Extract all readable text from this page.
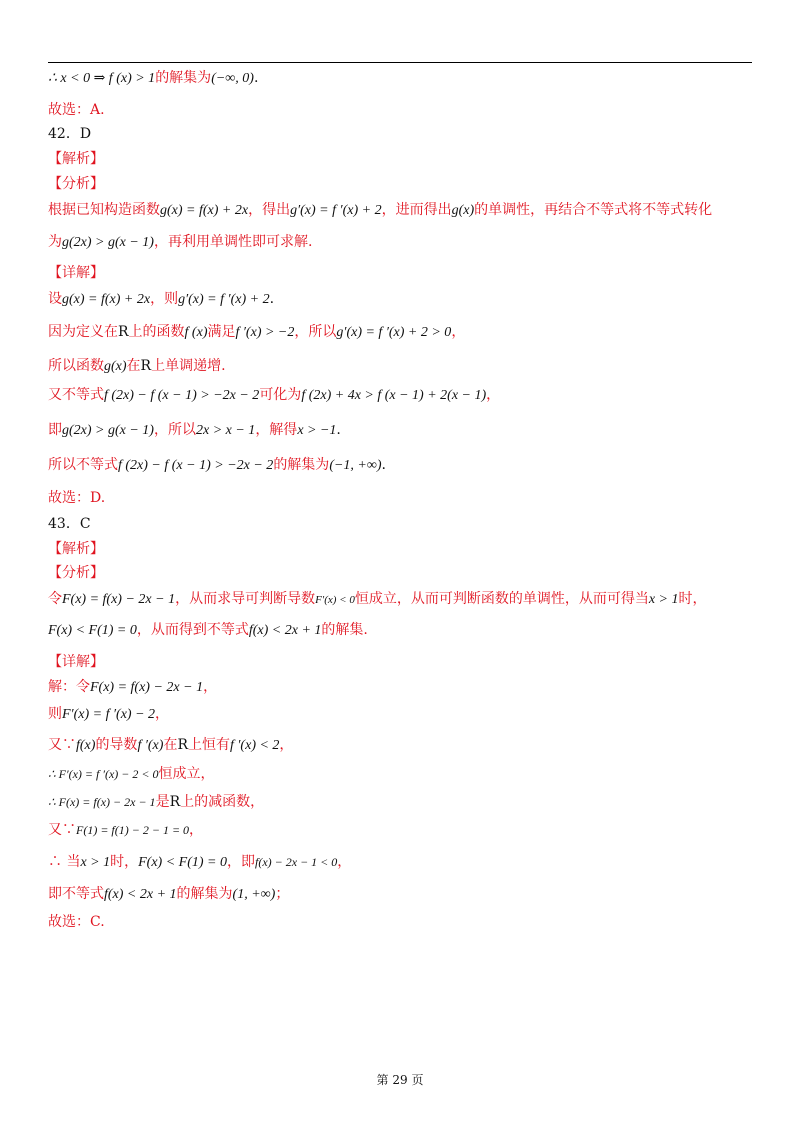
∴ x < 0 ⇒ f (x) > 1的解集为(−∞, 0).
故选：A.
42．D
【解析】
【分析】
根据已知构造函数g(x) = f(x) + 2x，得出g′(x) = f ′(x) + 2，进而得出g(x)的单调性，再结合不等式将不等式转化
为g(2x) > g(x − 1)，再利用单调性即可求解.
【详解】
设g(x) = f(x) + 2x，则g′(x) = f ′(x) + 2.
因为定义在R上的函数f (x)满足f ′(x) > −2，所以g′(x) = f ′(x) + 2 > 0，
所以函数g(x)在R上单调递增.
又不等式f (2x) − f (x − 1) > −2x − 2可化为f (2x) + 4x > f (x − 1) + 2(x − 1)，
即g(2x) > g(x − 1)，所以2x > x − 1，解得x > −1.
所以不等式f (2x) − f (x − 1) > −2x − 2的解集为(−1, +∞).
故选：D.
43．C
【解析】
【分析】
令F(x) = f(x) − 2x − 1，从而求导可判断导数F′(x) < 0恒成立，从而可判断函数的单调性，从而可得当x > 1时，
F(x) < F(1) = 0，从而得到不等式f(x) < 2x + 1的解集.
【详解】
解：令F(x) = f(x) − 2x − 1，
则F′(x) = f ′(x) − 2，
又∵f(x)的导数f ′(x)在R上恒有f ′(x) < 2，
∴ F′(x) = f ′(x) − 2 < 0恒成立，
∴ F(x) = f(x) − 2x − 1是R上的减函数，
又∵F(1) = f(1) − 2 − 1 = 0，
∴ 当x > 1时，F(x) < F(1) = 0，即f(x) − 2x − 1 < 0，
即不等式f(x) < 2x + 1的解集为(1, +∞)；
故选：C.
第 29 页
